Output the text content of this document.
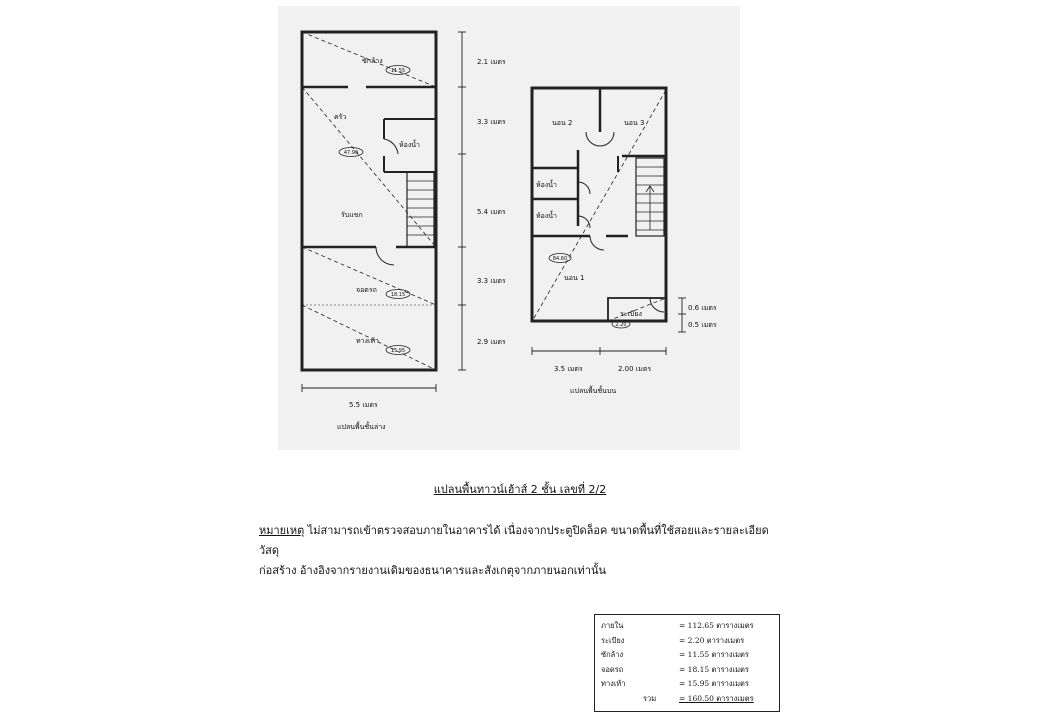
ซักล้าง
ครัว
ห้องน้ำ
รับแขก
จอดรถ
ทางเท้า
11.55
47.90
18.15
15.95
2.1 เมตร
3.3 เมตร
5.4 เมตร
3.3 เมตร
2.9 เมตร
5.5 เมตร
แปลนพื้นชั้นล่าง
นอน 2	นอน 3
ห้องน้ำ
ห้องน้ำ
นอน 1
ระเบียง
84.60
2.20
0.6 เมตร
0.5 เมตร
3.5 เมตร	2.00 เมตร
แปลนพื้นชั้นบน
แปลนพื้นทาวน์เฮ้าส์ 2 ชั้น เลขที่ 2/2
หมายเหตุ ไม่สามารถเข้าตรวจสอบภายในอาคารได้ เนื่องจากประตูปิดล็อค ขนาดพื้นที่ใช้สอยและรายละเอียดวัสดุ
ก่อสร้าง อ้างอิงจากรายงานเดิมของธนาคารและสังเกตุจากภายนอกเท่านั้น
ภายใน	= 112.65 ตารางเมตร
ระเบียง	= 2.20 ตารางเมตร
ซักล้าง	= 11.55 ตารางเมตร
จอดรถ	= 18.15 ตารางเมตร
ทางเท้า	= 15.95 ตารางเมตร
รวม	= 160.50 ตารางเมตร
